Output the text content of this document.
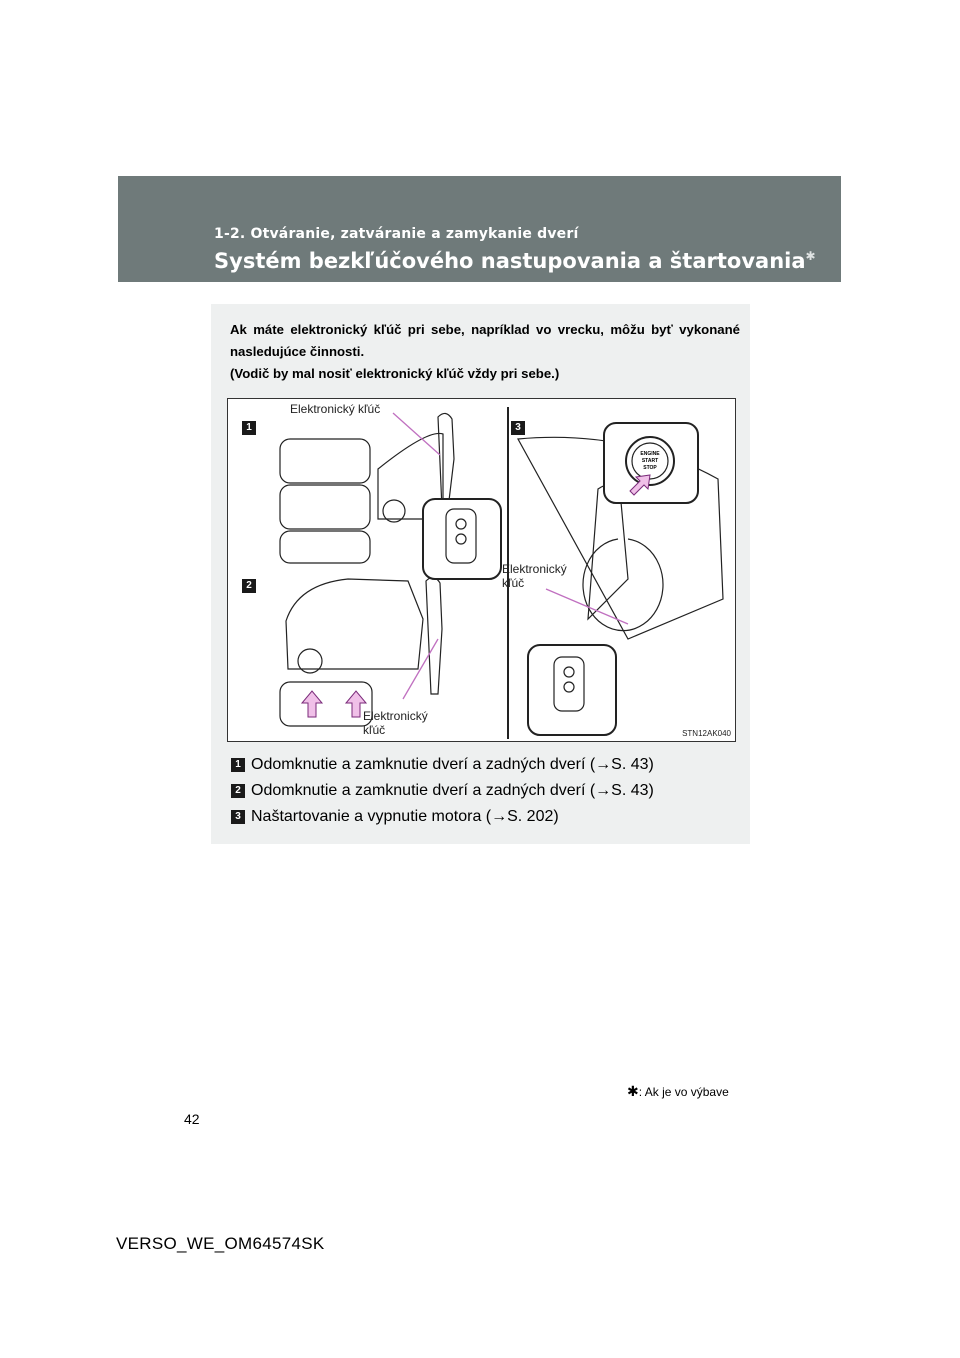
1-2. Otváranie, zatváranie a zamykanie dverí
Systém bezkľúčového nastupovania a štartovania✱
Ak máte elektronický kľúč pri sebe, napríklad vo vrecku, môžu byť vykonané nasledujúce činnosti.
(Vodič by mal nosiť elektronický kľúč vždy pri sebe.)
ENGINE
START
STOP
1
2
3
Elektronický kľúč
Elektronický
kľúč
Elektronický
kľúč
STN12AK040
1 Odomknutie a zamknutie dverí a zadných dverí (→S. 43)
2 Odomknutie a zamknutie dverí a zadných dverí (→S. 43)
3 Naštartovanie a vypnutie motora (→S. 202)
✱: Ak je vo výbave
42
VERSO_WE_OM64574SK
